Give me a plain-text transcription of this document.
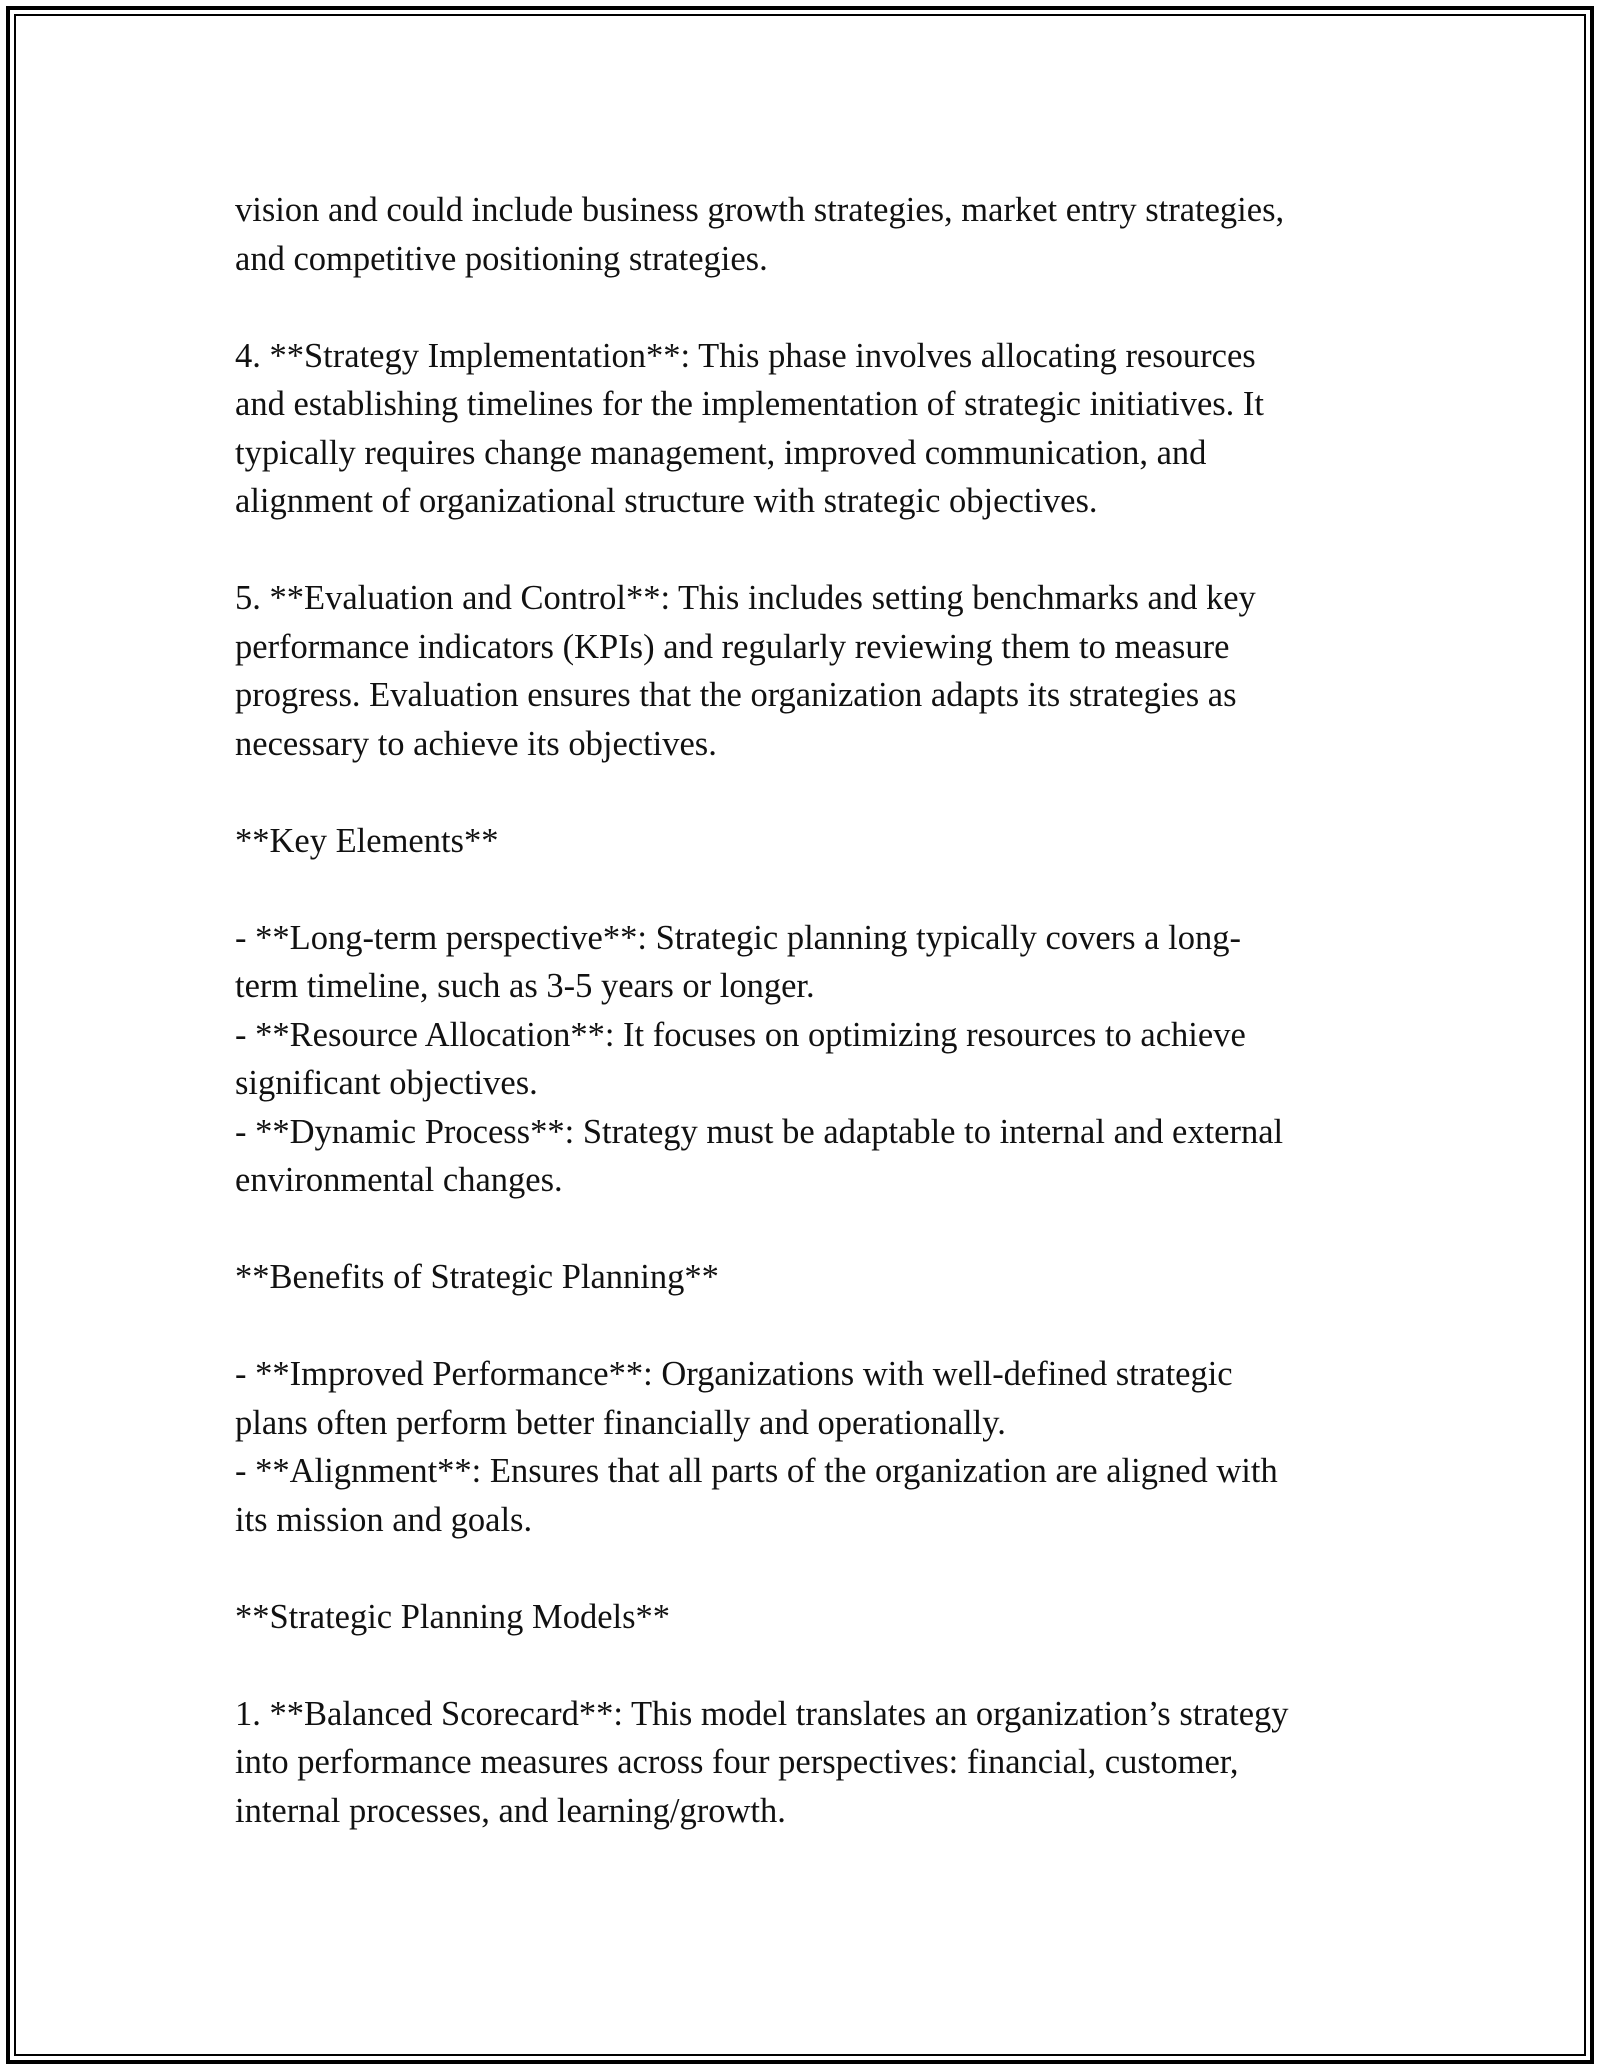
vision and could include business growth strategies, market entry strategies,
and competitive positioning strategies.

4. **Strategy Implementation**: This phase involves allocating resources
and establishing timelines for the implementation of strategic initiatives. It
typically requires change management, improved communication, and
alignment of organizational structure with strategic objectives.

5. **Evaluation and Control**: This includes setting benchmarks and key
performance indicators (KPIs) and regularly reviewing them to measure
progress. Evaluation ensures that the organization adapts its strategies as
necessary to achieve its objectives.

**Key Elements**

- **Long-term perspective**: Strategic planning typically covers a long-
term timeline, such as 3-5 years or longer.
- **Resource Allocation**: It focuses on optimizing resources to achieve
significant objectives.
- **Dynamic Process**: Strategy must be adaptable to internal and external
environmental changes.

**Benefits of Strategic Planning**

- **Improved Performance**: Organizations with well-defined strategic
plans often perform better financially and operationally.
- **Alignment**: Ensures that all parts of the organization are aligned with
its mission and goals.

**Strategic Planning Models**

1. **Balanced Scorecard**: This model translates an organization’s strategy
into performance measures across four perspectives: financial, customer,
internal processes, and learning/growth.
